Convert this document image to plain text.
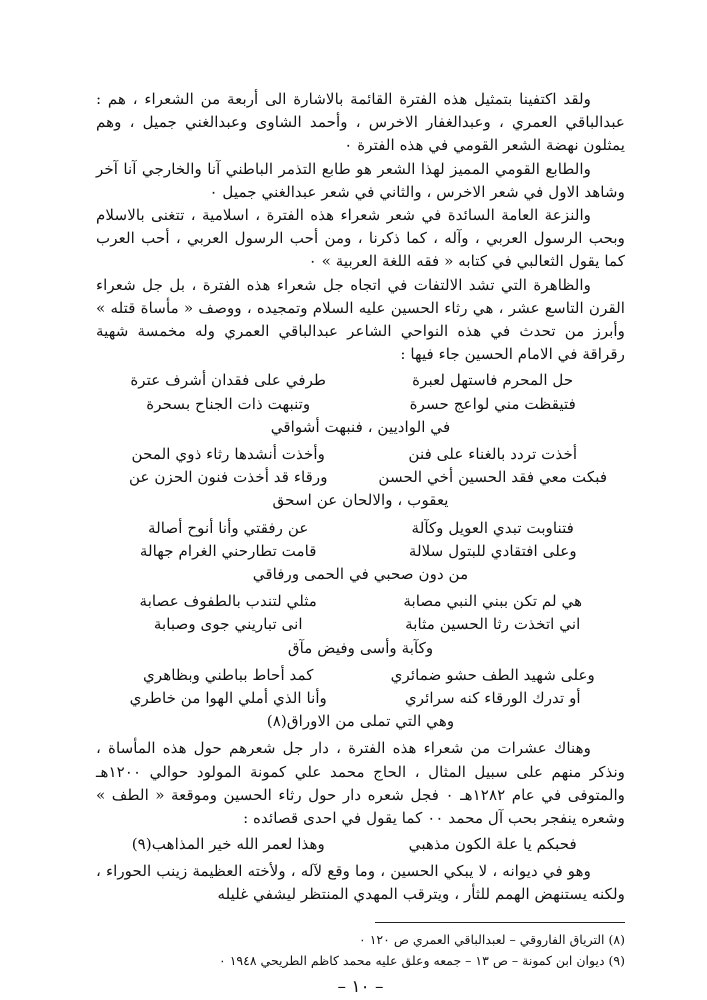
ولقد اكتفينا بتمثيل هذه الفترة القائمة بالاشارة الى أربعة من الشعراء ، هم : عبدالباقي العمري ، وعبدالغفار الاخرس ، وأحمد الشاوى وعبدالغني جميل ، وهم يمثلون نهضة الشعر القومي في هذه الفترة ٠

والطابع القومي المميز لهذا الشعر هو طابع التذمر الباطني آنا والخارجي آنا آخر وشاهد الاول في شعر الاخرس ، والثاني في شعر عبدالغني جميل ٠

والنزعة العامة السائدة في شعر شعراء هذه الفترة ، اسلامية ، تتغنى بالاسلام وبحب الرسول العربي ، وآله ، كما ذكرنا ، ومن أحب الرسول العربي ، أحب العرب كما يقول الثعالبي في كتابه « فقه اللغة العربية » ٠

والظاهرة التي تشد الالتفات في اتجاه جل شعراء هذه الفترة ، بل جل شعراء القرن التاسع عشر ، هي رثاء الحسين عليه السلام وتمجيده ، ووصف « مأساة قتله » وأبرز من تحدث في هذه النواحي الشاعر عبدالباقي العمري وله مخمسة شهية رقراقة في الامام الحسين جاء فيها :

حل المحرم فاستهل لعبرة
طرفي على فقدان أشرف عترة
فتيقظت مني لواعج حسرة
وتنبهت ذات الجناح بسحرة
في الواديين ، فنبهت أشواقي
أخذت تردد بالغناء على فنن
وأخذت أنشدها رثاء ذوي المحن
فبكت معي فقد الحسين أخي الحسن
ورقاء قد أخذت فنون الحزن عن
يعقوب ، والالحان عن اسحق
فتناوبت تبدي العويل وكآلة
عن رفقتي وأنا أنوح أصالة
وعلى افتقادي للبتول سلالة
قامت تطارحني الغرام جهالة
من دون صحبي في الحمى ورفاقي
هي لم تكن ببني النبي مصابة
مثلي لتندب بالطفوف عصابة
اني اتخذت رثا الحسين مثابة
انى تباريني جوى وصبابة
وكآبة وأسى وفيض مآق
وعلى شهيد الطف حشو ضمائري
كمد أحاط بباطني وبظاهري
أو تدرك الورقاء كنه سرائري
وأنا الذي أملي الهوا من خاطري
وهي التي تملى من الاوراق(٨)

وهناك عشرات من شعراء هذه الفترة ، دار جل شعرهم حول هذه المأساة ، ونذكر منهم على سبيل المثال ، الحاج محمد علي كمونة المولود حوالي ١٢٠٠هـ والمتوفى في عام ١٢٨٢هـ ٠ فجل شعره دار حول رثاء الحسين وموقعة « الطف » وشعره ينفجر بحب آل محمد ٠٠ كما يقول في احدى قصائده :

فحبكم يا علة الكون مذهبي
وهذا لعمر الله خير المذاهب(٩)

وهو في ديوانه ، لا يبكي الحسين ، وما وقع لآله ، ولأخته العظيمة زينب الحوراء ، ولكنه يستنهض الهمم للثأر ، ويترقب المهدي المنتظر ليشفي غليله

(٨) الترياق الفاروقي – لعبدالباقي العمري ص ١٢٠ ٠
(٩) ديوان ابن كمونة – ص ١٣ – جمعه وعلق عليه محمد كاظم الطريحي ١٩٤٨ ٠
– ١٠ –
